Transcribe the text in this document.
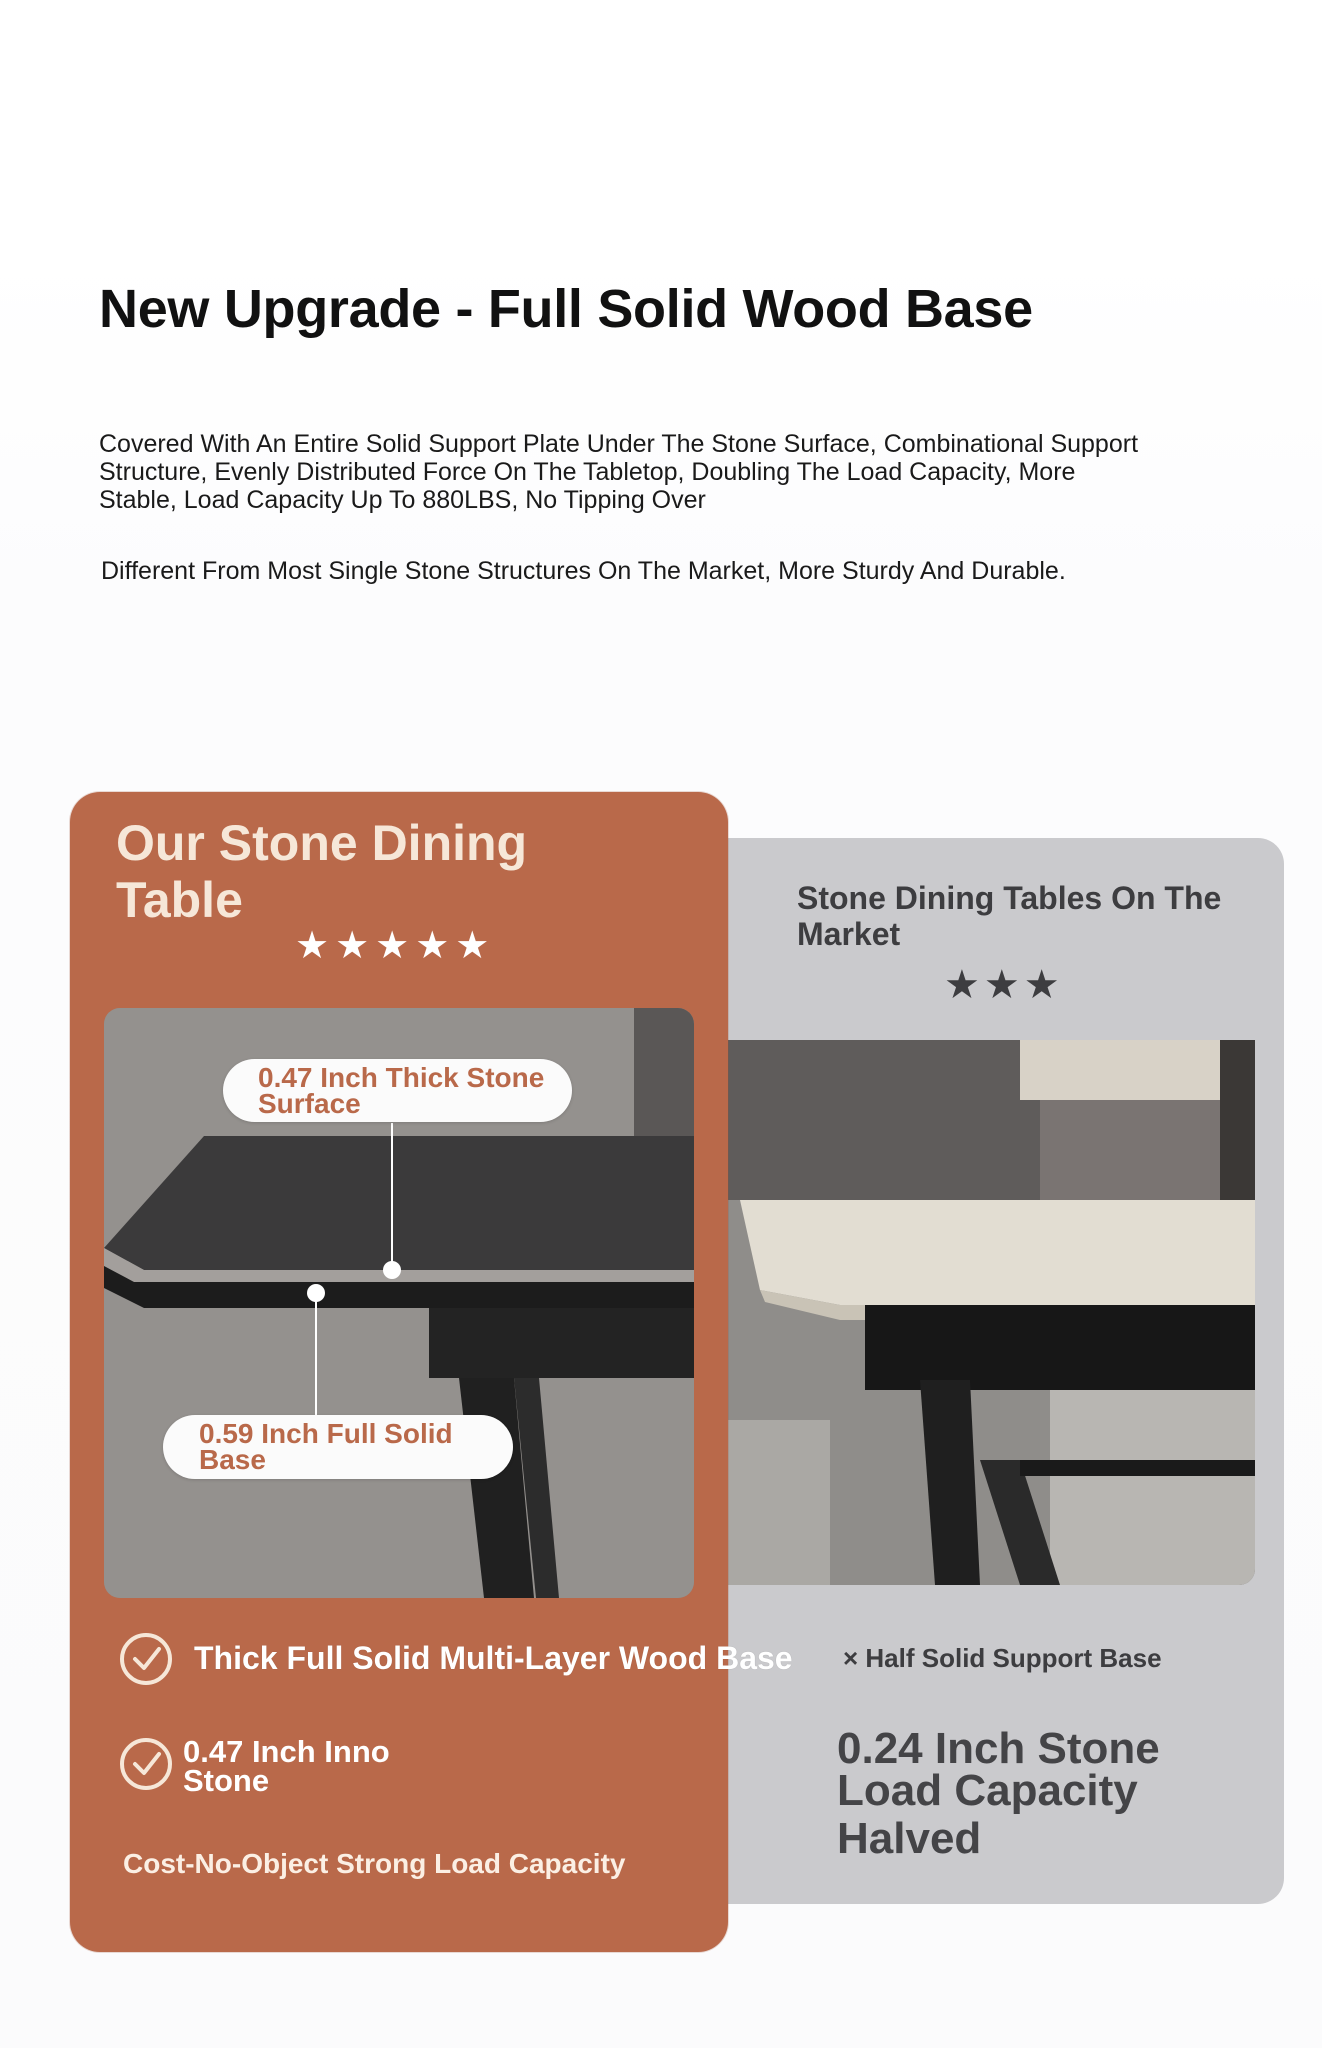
New Upgrade - Full Solid Wood Base

Covered With An Entire Solid Support Plate Under The Stone Surface, Combinational Support Structure, Evenly Distributed Force On The Tabletop, Doubling The Load Capacity, More Stable, Load Capacity Up To 880LBS, No Tipping Over

Different From Most Single Stone Structures On The Market, More Sturdy And Durable.

Stone Dining Tables On The Market
★★★
× Half Solid Support Base

0.24 Inch Stone
Load Capacity
Halved

Our Stone Dining Table
★★★★★
0.47 Inch Thick Stone Surface
0.59 Inch Full Solid Base
Thick Full Solid Multi-Layer Wood Base
0.47 Inch Inno Stone
Cost-No-Object Strong Load Capacity
